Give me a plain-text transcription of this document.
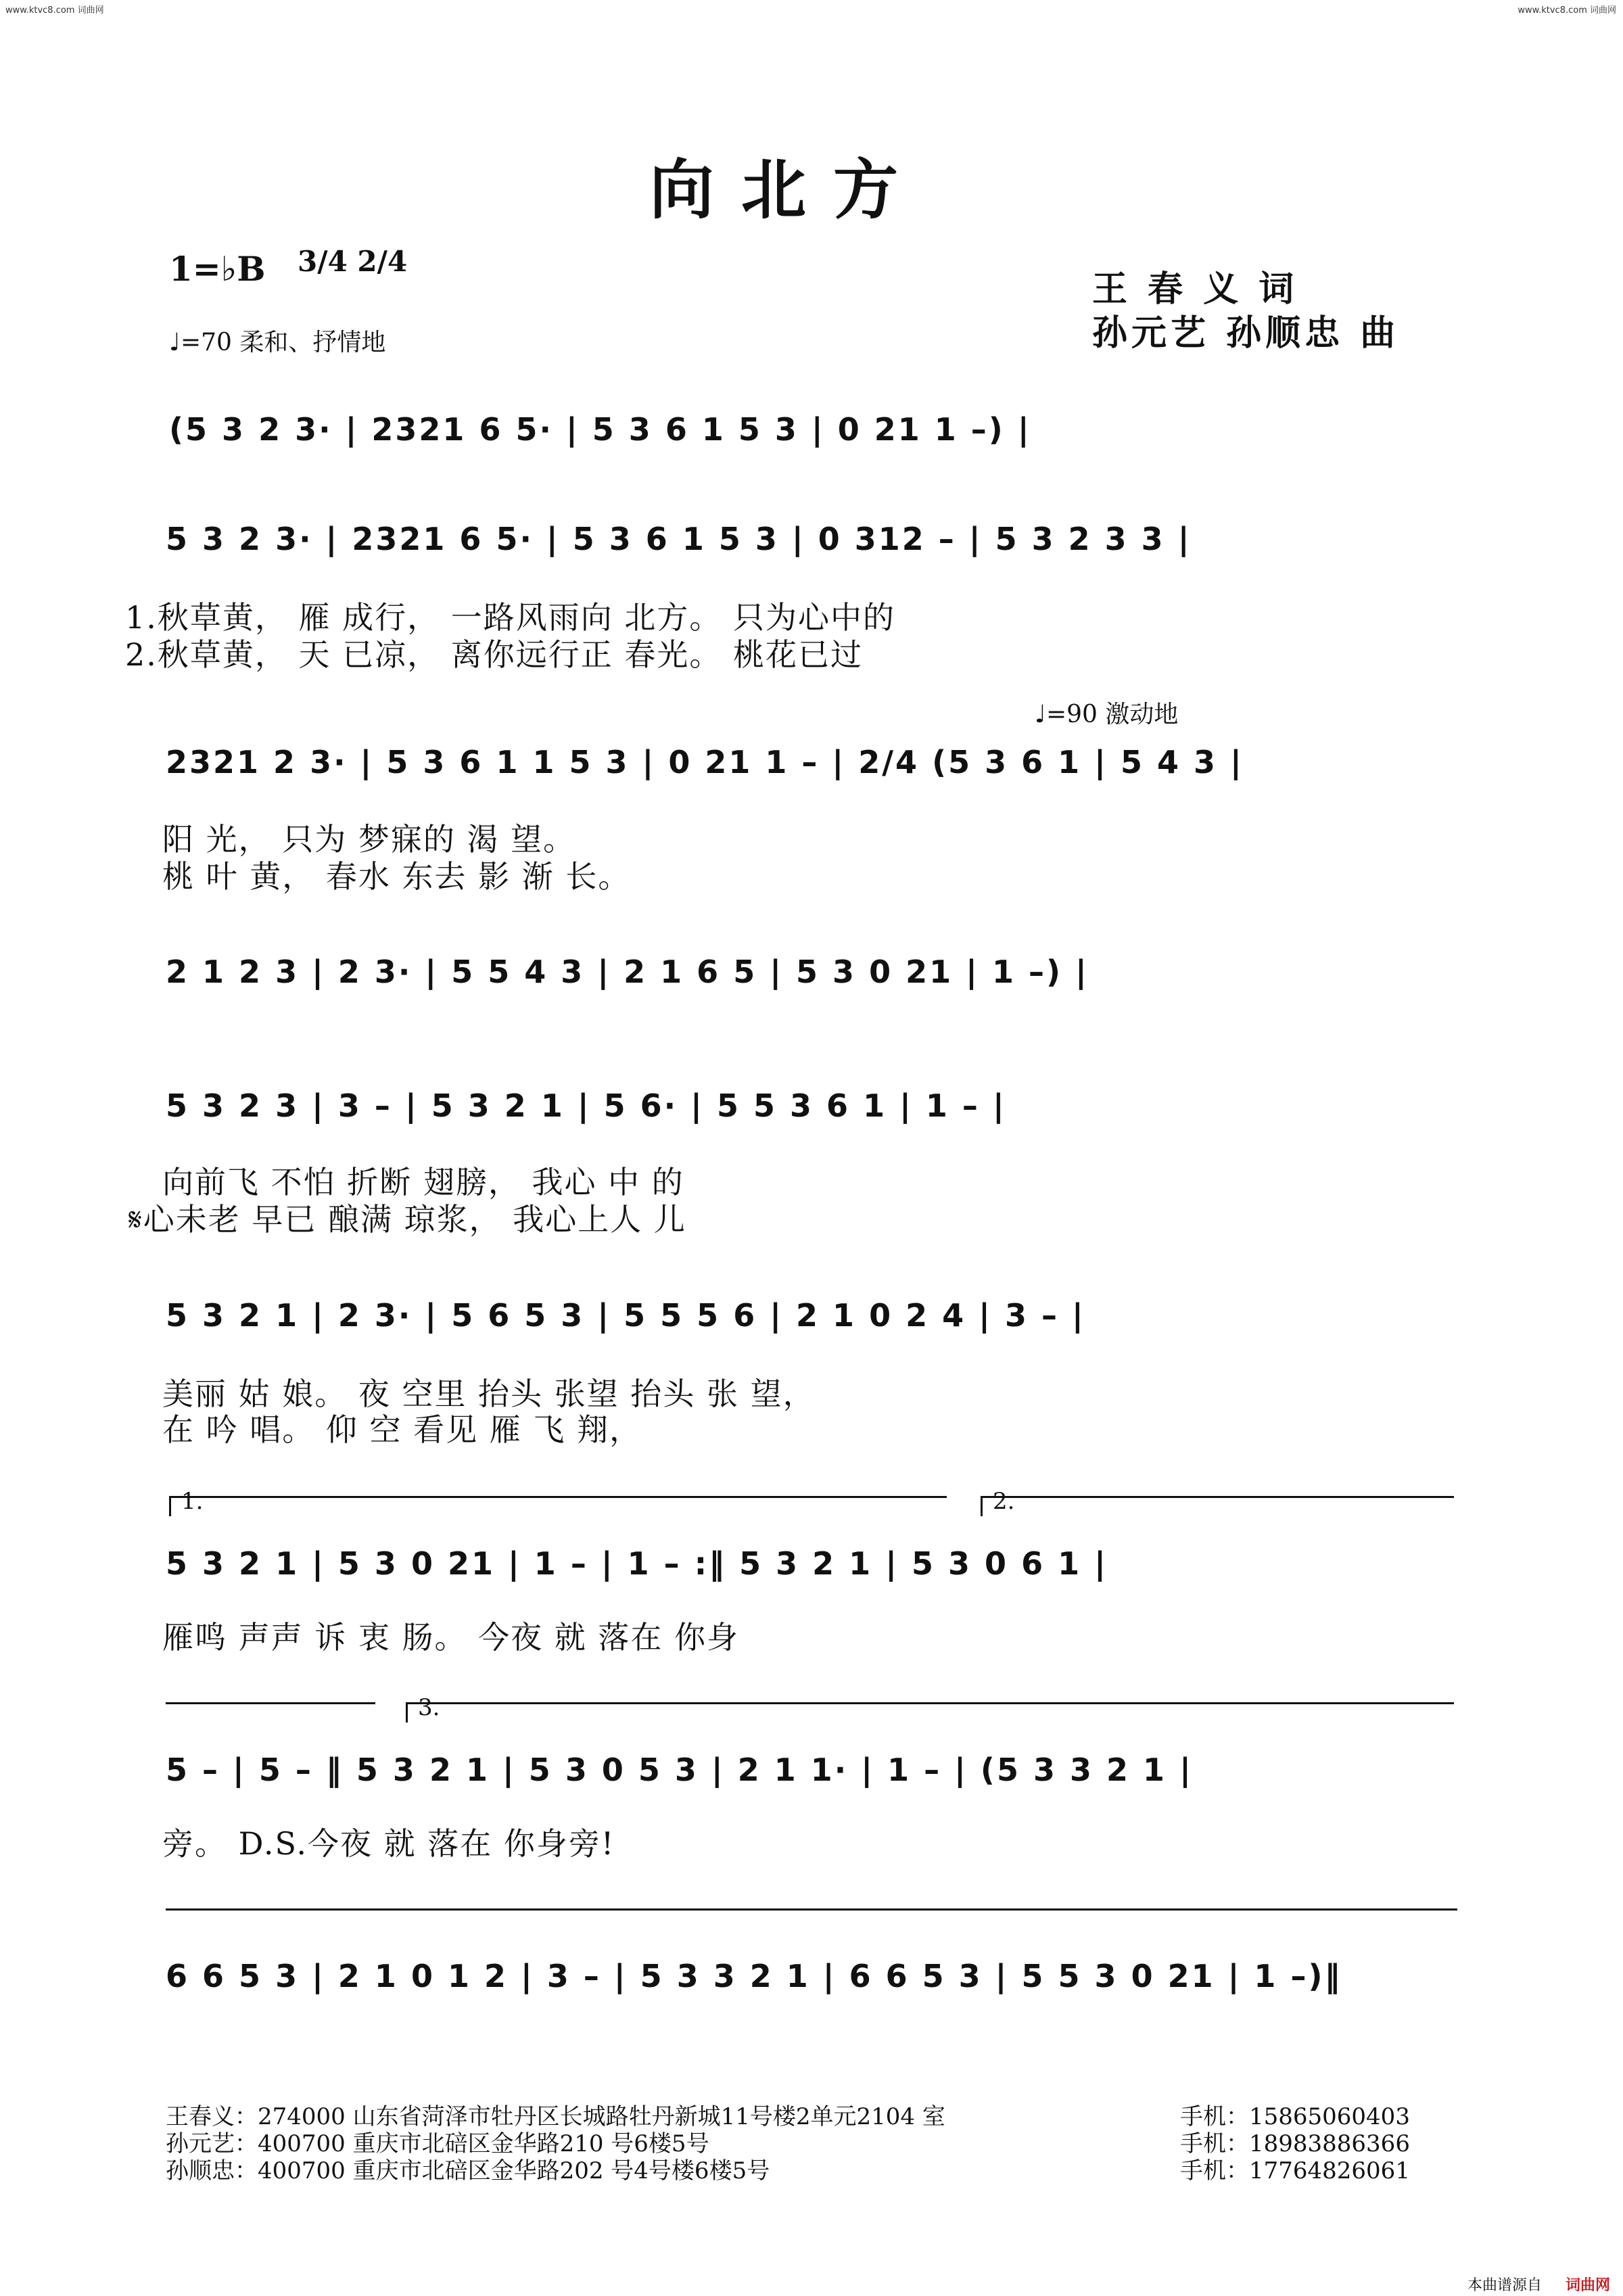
www.ktvc8.com 词曲网	www.ktvc8.com 词曲网
向北方
1=♭B 3/4 2/4
♩=70 柔和、抒情地
王 春 义 词
孙元艺 孙顺忠 曲
(5 3 2 3· | 2321 6 5· | 5 3 6 1 5 3 | 0 21 1 –) |
5 3 2 3· | 2321 6 5· | 5 3 6 1 5 3 | 0 312 – | 5 3 2 3 3 |
1.秋草黄， 雁 成行， 一路风雨向 北方。 只为心中的
2.秋草黄， 天 已凉， 离你远行正 春光。 桃花已过
♩=90 激动地
2321 2 3· | 5 3 6 1 1 5 3 | 0 21 1 – | 2/4 (5 3 6 1 | 5 4 3 |
阳 光， 只为 梦寐的 渴 望。
桃 叶 黄， 春水 东去 影 渐 长。
2 1 2 3 | 2 3· | 5 5 4 3 | 2 1 6 5 | 5 3 0 21 | 1 –) |
5 3 2 3 | 3 – | 5 3 2 1 | 5 6· | 5 5 3 6 1 | 1 – |
向前飞 不怕 折断 翅膀， 我心 中 的
𝄋心未老 早已 酿满 琼浆， 我心上人 儿
5 3 2 1 | 2 3· | 5 6 5 3 | 5 5 5 6 | 2 1 0 2 4 | 3 – |
美丽 姑 娘。 夜 空里 抬头 张望 抬头 张 望，
在 吟 唱。 仰 空 看见 雁 飞 翔，
1.	2.
5 3 2 1 | 5 3 0 21 | 1 – | 1 – :‖ 5 3 2 1 | 5 3 0 6 1 |
雁鸣 声声 诉 衷 肠。 今夜 就 落在 你身
3.
5 – | 5 – ‖ 5 3 2 1 | 5 3 0 5 3 | 2 1 1· | 1 – | (5 3 3 2 1 |
旁。 D.S.今夜 就 落在 你身旁!
6 6 5 3 | 2 1 0 1 2 | 3 – | 5 3 3 2 1 | 6 6 5 3 | 5 5 3 0 21 | 1 –)‖
王春义：274000 山东省菏泽市牡丹区长城路牡丹新城11号楼2单元2104 室	手机：15865060403
孙元艺：400700 重庆市北碚区金华路210 号6楼5号	手机：18983886366
孙顺忠：400700 重庆市北碚区金华路202 号4号楼6楼5号	手机：17764826061
本曲谱源自 词曲网
